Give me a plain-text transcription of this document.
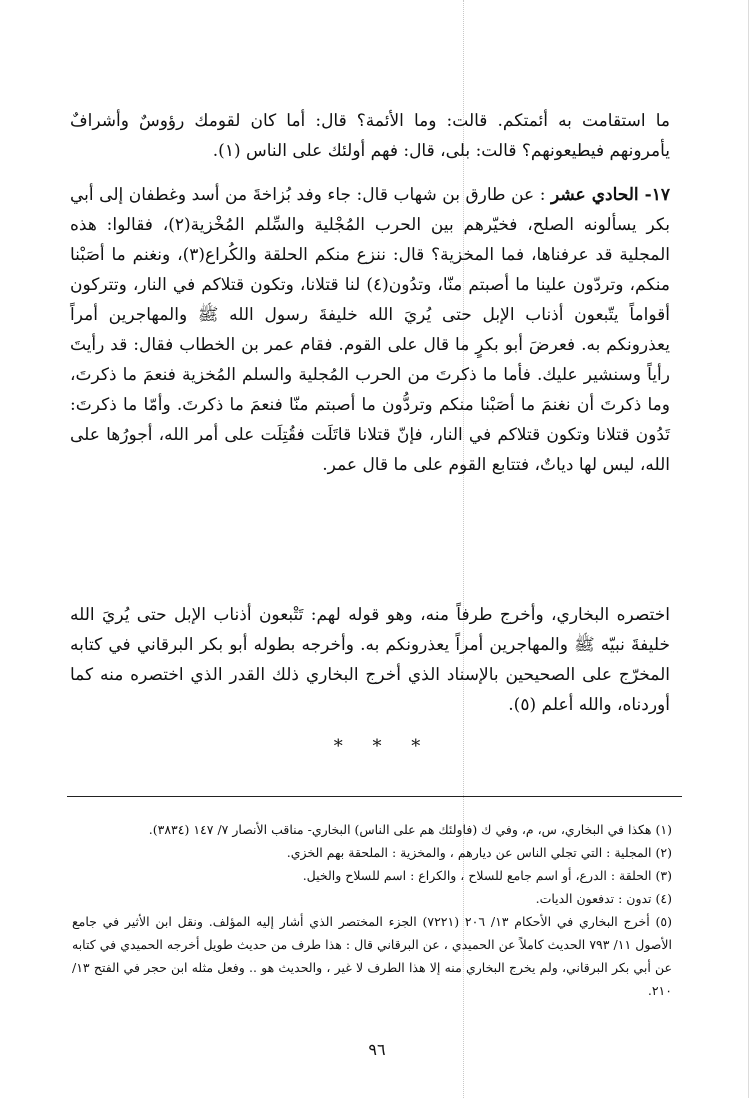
ما استقامت به أئمتكم. قالت: وما الأئمة؟ قال: أما كان لقومك رؤوسٌ وأشرافٌ يأمرونهم فيطيعونهم؟ قالت: بلى، قال: فهم أولئك على الناس (١).

١٧- الحادي عشر : عن طارق بن شهاب قال: جاء وفد بُزاخةَ من أسد وغطفان إلى أبي بكر يسألونه الصلح، فخيّرهم بين الحرب المُجْلية والسِّلم المُخْزية(٢)، فقالوا: هذه المجلية قد عرفناها، فما المخزية؟ قال: ننزع منكم الحلقة والكُراع(٣)، ونغنم ما أصَبْنا منكم، وتردّون علينا ما أصبتم منّا، وتدُون(٤) لنا قتلانا، وتكون قتلاكم في النار، وتتركون أقواماً يتّبعون أذناب الإبل حتى يُريَ الله خليفةَ رسول الله ﷺ والمهاجرين أمراً يعذرونكم به. فعرضَ أبو بكرٍ ما قال على القوم. فقام عمر بن الخطاب فقال: قد رأيتَ رأياً وسنشير عليك. فأما ما ذكرتَ من الحرب المُجلية والسلم المُخزية فنعمَ ما ذكرتَ، وما ذكرتَ أن نغنمَ ما أصَبْنا منكم وتردُّون ما أصبتم منّا فنعمَ ما ذكرتَ. وأمّا ما ذكرتَ: تَدُون قتلانا وتكون قتلاكم في النار، فإنّ قتلانا قاتَلَت فقُتِلَت على أمر الله، أجورُها على الله، ليس لها دياتٌ، فتتابع القوم على ما قال عمر.

اختصره البخاري، وأخرج طرفاً منه، وهو قوله لهم: تَتْبعون أذناب الإبل حتى يُريَ الله خليفةَ نبيّه ﷺ والمهاجرين أمراً يعذرونكم به. وأخرجه بطوله أبو بكر البرقاني في كتابه المخرّج على الصحيحين بالإسناد الذي أخرج البخاري ذلك القدر الذي اختصره منه كما أوردناه، والله أعلم (٥).

* * *

(١) هكذا في البخاري، س، م، وفي ك (فاولئك هم على الناس) البخاري- مناقب الأنصار ٧/ ١٤٧ (٣٨٣٤).

(٢) المجلية : التي تجلي الناس عن ديارهم ، والمخزية : الملحقة بهم الخزي.

(٣) الحلقة : الدرع، أو اسم جامع للسلاح ، والكراع : اسم للسلاح والخيل.

(٤) تدون : تدفعون الديات.

(٥) أخرج البخاري في الأحكام ١٣/ ٢٠٦ (٧٢٢١) الجزء المختصر الذي أشار إليه المؤلف. ونقل ابن الأثير في جامع الأصول ١١/ ٧٩٣ الحديث كاملاً عن الحميدي ، عن البرقاني قال : هذا طرف من حديث طويل أخرجه الحميدي في كتابه عن أبي بكر البرقاني، ولم يخرج البخاري منه إلا هذا الطرف لا غير ، والحديث هو .. وفعل مثله ابن حجر في الفتح ١٣/ ٢١٠.

٩٦
